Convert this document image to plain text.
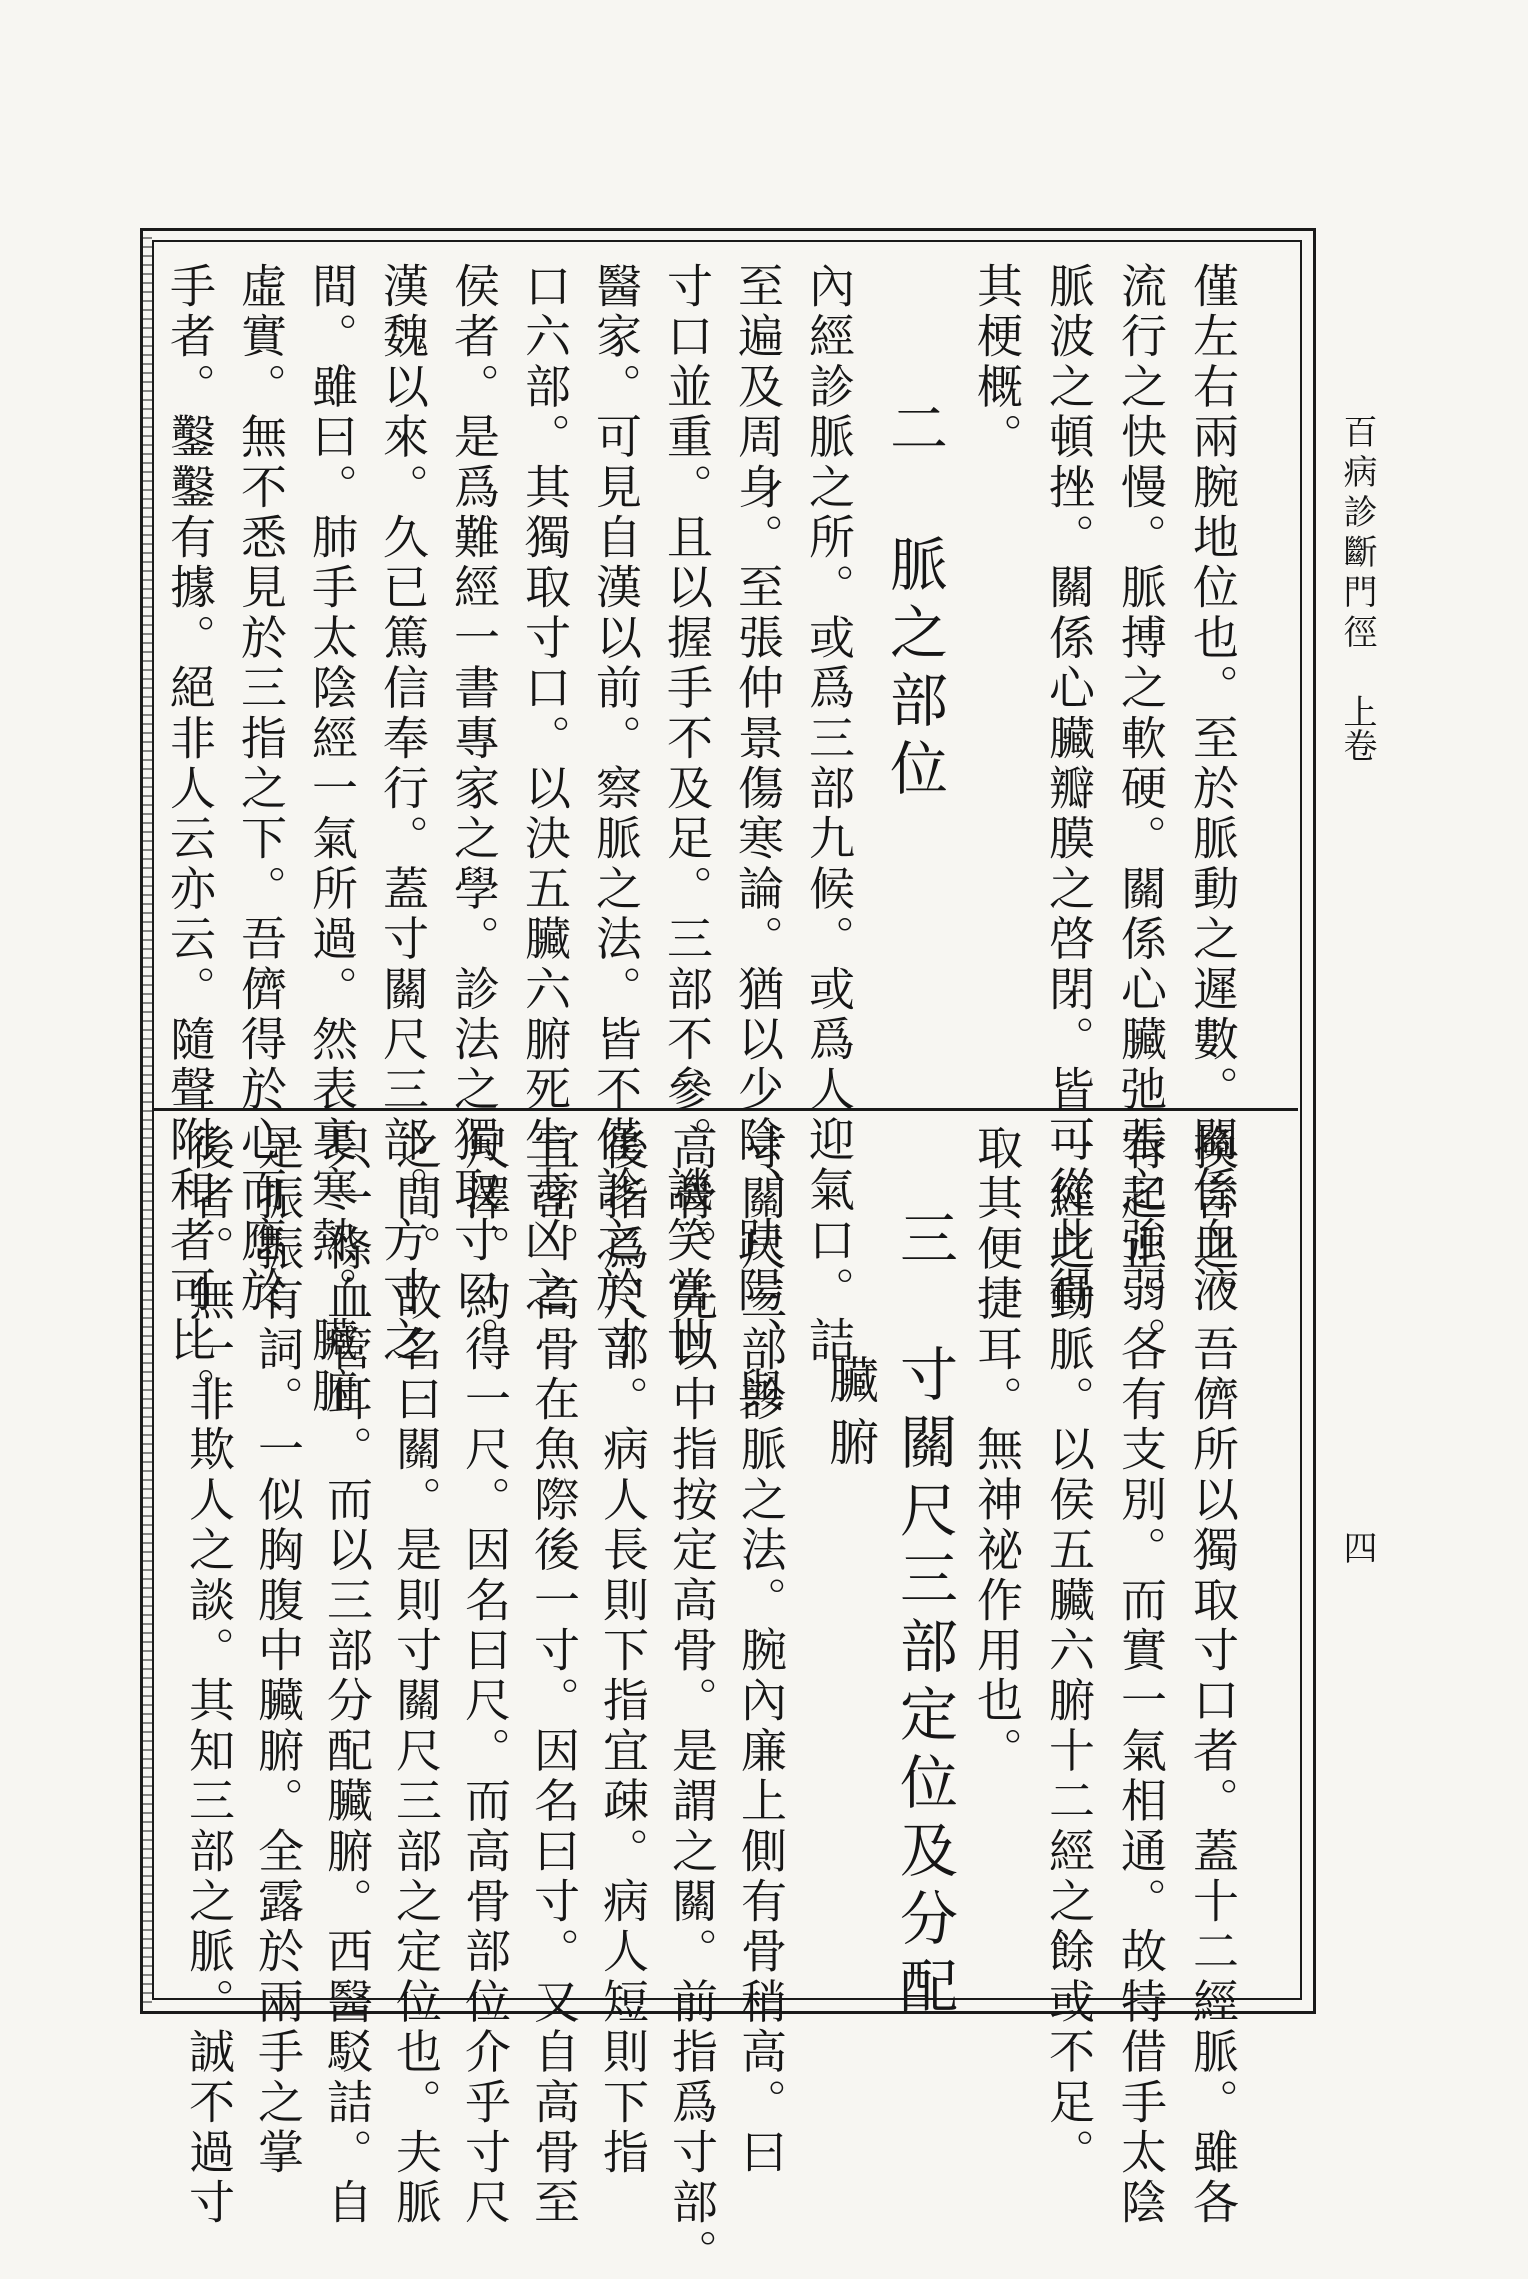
百病診斷門徑上卷
四
僅左右兩腕地位也。至於脈動之遲數。關係血液
流行之快慢。脈搏之軟硬。關係心臟弛張之強弱。
脈波之頓挫。關係心臟瓣膜之啓閉。皆可從此得
其梗概。
二　脈之部位
內經診脈之所。或爲三部九候。或爲人迎氣口。詰
至遍及周身。至張仲景傷寒論。猶以少陰、趺陽、與
寸口並重。且以握手不及足。三部不參。譏笑當世
醫家。可見自漢以前。察脈之法。皆不僅診之於寸
口六部。其獨取寸口。以決五臟六腑死生吉凶之
侯者。是爲難經一書專家之學。診法之獨取寸口。
漢魏以來。久已篤信奉行。蓋寸關尺三部。方寸之
間。雖曰。肺手太陰經一氣所過。然表裏寒熱。臟腑
虛實。無不悉見於三指之下。吾儕得於心而應於
手者。鑿鑿有據。絕非人云亦云。隨聲附和者可比。
換言之。吾儕所以獨取寸口者。蓋十二經脈。雖各
有起止。各有支別。而實一氣相通。故特借手太陰
一經之動脈。以侯五臟六腑十二經之餘或不足。
取其便捷耳。無神祕作用也。
三　寸關尺三部定位及分配
臟腑
寸關尺三部診脈之法。腕內廉上側有骨稍高。曰
高骨。先以中指按定高骨。是謂之關。前指爲寸部。
後指爲尺部。病人長則下指宜疎。病人短則下指
宜密。高骨在魚際後一寸。因名曰寸。又自高骨至
尺澤。約得一尺。因名曰尺。而高骨部位介乎寸尺
之間。故名曰關。是則寸關尺三部之定位也。夫脈
只一條血管耳。而以三部分配臟腑。西醫駁詰。自
是振振有詞。一似胸腹中臟腑。全露於兩手之掌
後者。無一非欺人之談。其知三部之脈。誠不過寸
